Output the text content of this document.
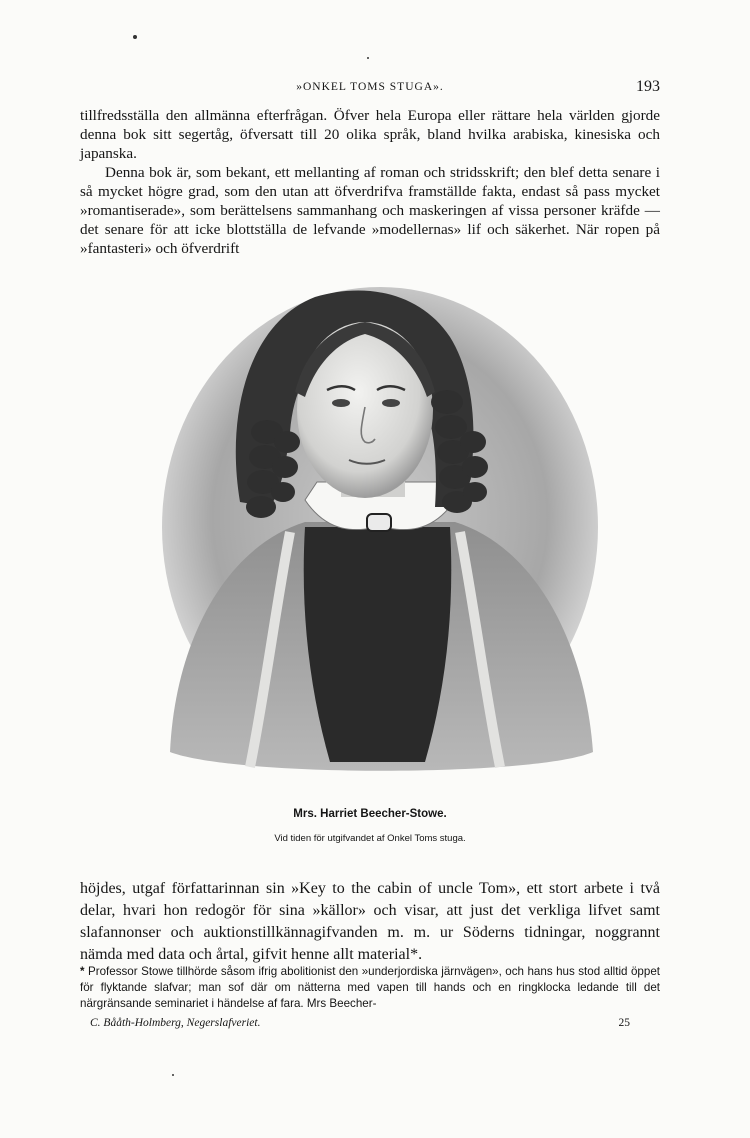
»ONKEL TOMS STUGA».	193

tillfredsställa den allmänna efterfrågan. Öfver hela Europa eller rättare hela världen gjorde denna bok sitt segertåg, öfversatt till 20 olika språk, bland hvilka arabiska, kinesiska och japanska.

Denna bok är, som bekant, ett mellanting af roman och stridsskrift; den blef detta senare i så mycket högre grad, som den utan att öfverdrifva framställde fakta, endast så pass mycket »romantiserade», som berättelsens sammanhang och maskeringen af vissa personer kräfde — det senare för att icke blottställa de lefvande »modellernas» lif och säkerhet. När ropen på »fantasteri» och öfverdrift

Mrs. Harriet Beecher-Stowe.
Vid tiden för utgifvandet af Onkel Toms stuga.

höjdes, utgaf författarinnan sin »Key to the cabin of uncle Tom», ett stort arbete i två delar, hvari hon redogör för sina »källor» och visar, att just det verkliga lifvet samt slafannonser och auktionstillkännagifvanden m. m. ur Söderns tidningar, noggrannt nämda med data och årtal, gifvit henne allt material*.

* Professor Stowe tillhörde såsom ifrig abolitionist den »underjordiska järnvägen», och hans hus stod alltid öppet för flyktande slafvar; man sof där om nätterna med vapen till hands och en ringklocka ledande till det närgränsande seminariet i händelse af fara. Mrs Beecher-

C. Bååth-Holmberg, Negerslafveriet.	25
